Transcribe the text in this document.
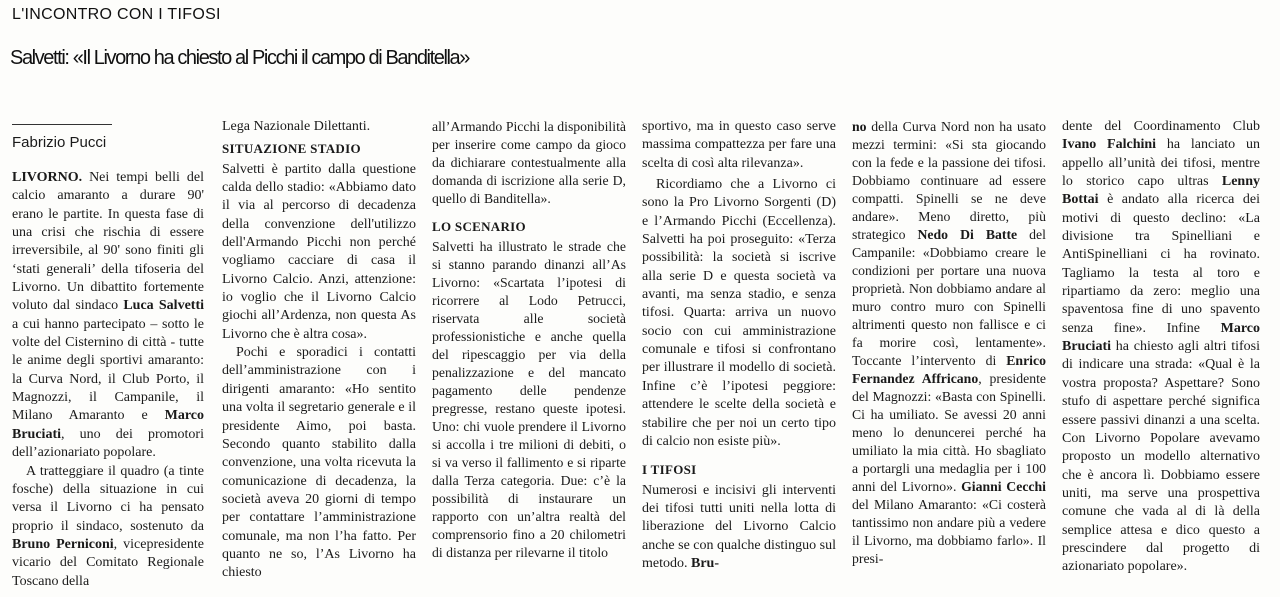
L'INCONTRO CON I TIFOSI
Salvetti: «Il Livorno ha chiesto al Picchi il campo di Banditella»
Fabrizio Pucci

LIVORNO. Nei tempi belli del calcio amaranto a durare 90' erano le partite. In questa fase di una crisi che rischia di essere irreversibile, al 90' sono finiti gli ‘stati generali’ della tifoseria del Livorno. Un dibattito fortemente voluto dal sindaco Luca Salvetti a cui hanno partecipato – sotto le volte del Cisternino di città - tutte le anime degli sportivi amaranto: la Curva Nord, il Club Porto, il Magnozzi, il Campanile, il Milano Amaranto e Marco Bruciati, uno dei promotori dell’azionariato popolare.

A tratteggiare il quadro (a tinte fosche) della situazione in cui versa il Livorno ci ha pensato proprio il sindaco, sostenuto da Bruno Perniconi, vicepresidente vicario del Comitato Regionale Toscano della

Lega Nazionale Dilettanti.

SITUAZIONE STADIO

Salvetti è partito dalla questione calda dello stadio: «Abbiamo dato il via al percorso di decadenza della convenzione dell'utilizzo dell'Armando Picchi non perché vogliamo cacciare di casa il Livorno Calcio. Anzi, attenzione: io voglio che il Livorno Calcio giochi all’Ardenza, non questa As Livorno che è altra cosa».

Pochi e sporadici i contatti dell’amministrazione con i dirigenti amaranto: «Ho sentito una volta il segretario generale e il presidente Aimo, poi basta. Secondo quanto stabilito dalla convenzione, una volta ricevuta la comunicazione di decadenza, la società aveva 20 giorni di tempo per contattare l’amministrazione comunale, ma non l’ha fatto. Per quanto ne so, l’As Livorno ha chiesto

all’Armando Picchi la disponibilità per inserire come campo da gioco da dichiarare contestualmente alla domanda di iscrizione alla serie D, quello di Banditella».

LO SCENARIO

Salvetti ha illustrato le strade che si stanno parando dinanzi all’As Livorno: «Scartata l’ipotesi di ricorrere al Lodo Petrucci, riservata alle società professionistiche e anche quella del ripescaggio per via della penalizzazione e del mancato pagamento delle pendenze pregresse, restano queste ipotesi. Uno: chi vuole prendere il Livorno si accolla i tre milioni di debiti, o si va verso il fallimento e si riparte dalla Terza categoria. Due: c’è la possibilità di instaurare un rapporto con un’altra realtà del comprensorio fino a 20 chilometri di distanza per rilevarne il titolo

sportivo, ma in questo caso serve massima compattezza per fare una scelta di così alta rilevanza».

Ricordiamo che a Livorno ci sono la Pro Livorno Sorgenti (D) e l’Armando Picchi (Eccellenza). Salvetti ha poi proseguito: «Terza possibilità: la società si iscrive alla serie D e questa società va avanti, ma senza stadio, e senza tifosi. Quarta: arriva un nuovo socio con cui amministrazione comunale e tifosi si confrontano per illustrare il modello di società. Infine c’è l’ipotesi peggiore: attendere le scelte della società e stabilire che per noi un certo tipo di calcio non esiste più».

I TIFOSI

Numerosi e incisivi gli interventi dei tifosi tutti uniti nella lotta di liberazione del Livorno Calcio anche se con qualche distinguo sul metodo. Bru-

no della Curva Nord non ha usato mezzi termini: «Si sta giocando con la fede e la passione dei tifosi. Dobbiamo continuare ad essere compatti. Spinelli se ne deve andare». Meno diretto, più strategico Nedo Di Batte del Campanile: «Dobbiamo creare le condizioni per portare una nuova proprietà. Non dobbiamo andare al muro contro muro con Spinelli altrimenti questo non fallisce e ci fa morire così, lentamente». Toccante l’intervento di Enrico Fernandez Affricano, presidente del Magnozzi: «Basta con Spinelli. Ci ha umiliato. Se avessi 20 anni meno lo denuncerei perché ha umiliato la mia città. Ho sbagliato a portargli una medaglia per i 100 anni del Livorno». Gianni Cecchi del Milano Amaranto: «Ci costerà tantissimo non andare più a vedere il Livorno, ma dobbiamo farlo». Il presi-

dente del Coordinamento Club Ivano Falchini ha lanciato un appello all’unità dei tifosi, mentre lo storico capo ultras Lenny Bottai è andato alla ricerca dei motivi di questo declino: «La divisione tra Spinelliani e AntiSpinelliani ci ha rovinato. Tagliamo la testa al toro e ripartiamo da zero: meglio una spaventosa fine di uno spavento senza fine». Infine Marco Bruciati ha chiesto agli altri tifosi di indicare una strada: «Qual è la vostra proposta? Aspettare? Sono stufo di aspettare perché significa essere passivi dinanzi a una scelta. Con Livorno Popolare avevamo proposto un modello alternativo che è ancora lì. Dobbiamo essere uniti, ma serve una prospettiva comune che vada al di là della semplice attesa e dico questo a prescindere dal progetto di azionariato popolare».
